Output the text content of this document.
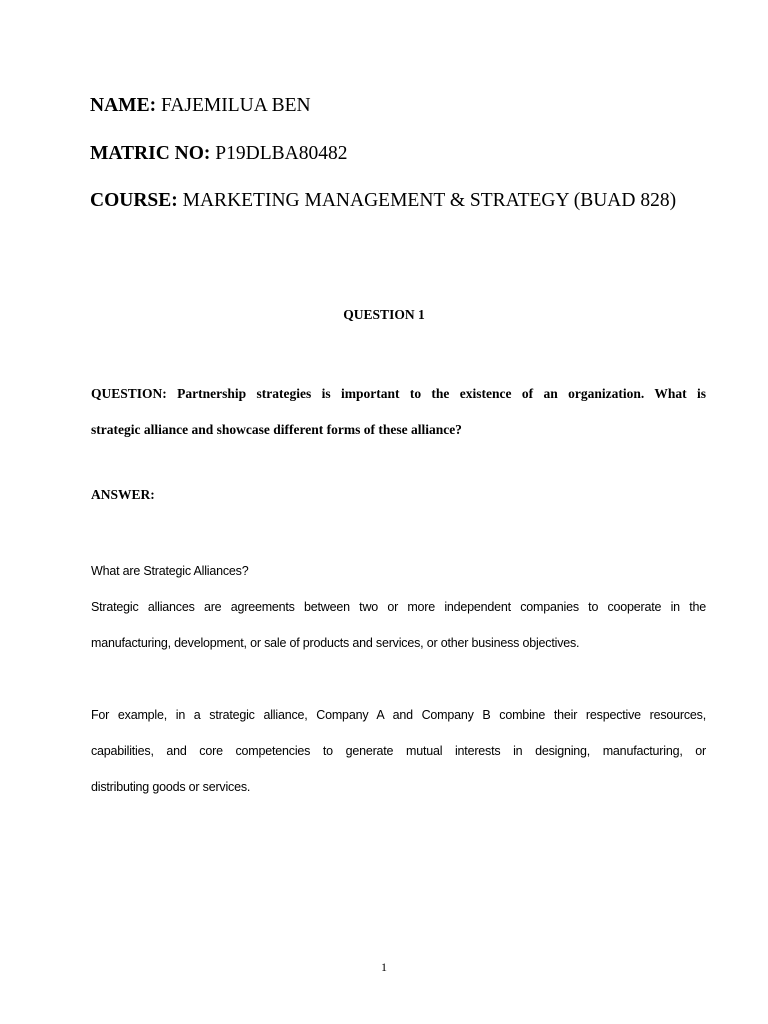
NAME: FAJEMILUA BEN
MATRIC NO: P19DLBA80482
COURSE: MARKETING MANAGEMENT & STRATEGY (BUAD 828)
QUESTION 1
QUESTION: Partnership strategies is important to the existence of an organization. What is
strategic alliance and showcase different forms of these alliance?
ANSWER:
What are Strategic Alliances?
Strategic alliances are agreements between two or more independent companies to cooperate in the
manufacturing, development, or sale of products and services, or other business objectives.
For example, in a strategic alliance, Company A and Company B combine their respective resources,
capabilities, and core competencies to generate mutual interests in designing, manufacturing, or
distributing goods or services.
1
